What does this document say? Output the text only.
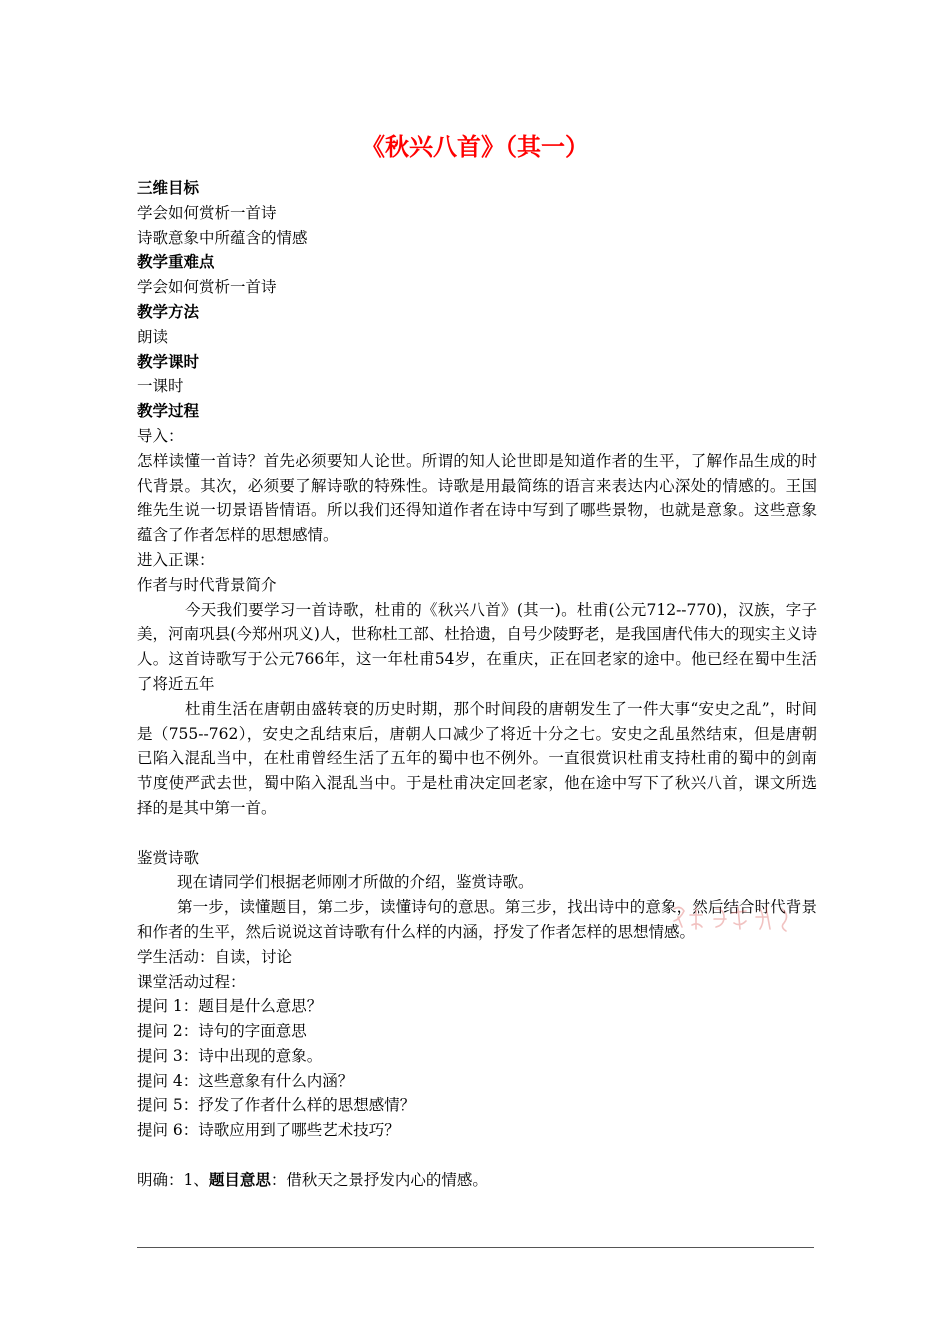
《秋兴八首》（其一）
三维目标
学会如何赏析一首诗
诗歌意象中所蕴含的情感
教学重难点
学会如何赏析一首诗
教学方法
朗读
教学课时
一课时
教学过程
导入：
怎样读懂一首诗？首先必须要知人论世。所谓的知人论世即是知道作者的生平，了解作品生成的时代背景。其次，必须要了解诗歌的特殊性。诗歌是用最简练的语言来表达内心深处的情感的。王国维先生说一切景语皆情语。所以我们还得知道作者在诗中写到了哪些景物，也就是意象。这些意象蕴含了作者怎样的思想感情。
进入正课：
作者与时代背景简介
今天我们要学习一首诗歌，杜甫的《秋兴八首》(其一)。杜甫(公元712--770)，汉族，字子美，河南巩县(今郑州巩义)人，世称杜工部、杜拾遗，自号少陵野老，是我国唐代伟大的现实主义诗人。这首诗歌写于公元766年，这一年杜甫54岁，在重庆，正在回老家的途中。他已经在蜀中生活了将近五年
杜甫生活在唐朝由盛转衰的历史时期，那个时间段的唐朝发生了一件大事“安史之乱”，时间是（755--762），安史之乱结束后，唐朝人口减少了将近十分之七。安史之乱虽然结束，但是唐朝已陷入混乱当中，在杜甫曾经生活了五年的蜀中也不例外。一直很赏识杜甫支持杜甫的蜀中的剑南节度使严武去世，蜀中陷入混乱当中。于是杜甫决定回老家，他在途中写下了秋兴八首，课文所选择的是其中第一首。
鉴赏诗歌
现在请同学们根据老师刚才所做的介绍，鉴赏诗歌。
第一步，读懂题目，第二步，读懂诗句的意思。第三步，找出诗中的意象，然后结合时代背景和作者的生平，然后说说这首诗歌有什么样的内涵，抒发了作者怎样的思想情感。
学生活动：自读，讨论
课堂活动过程：
提问 1：题目是什么意思？
提问 2：诗句的字面意思
提问 3：诗中出现的意象。
提问 4：这些意象有什么内涵？
提问 5：抒发了作者什么样的思想感情？
提问 6：诗歌应用到了哪些艺术技巧？
明确：1、题目意思：借秋天之景抒发内心的情感。
